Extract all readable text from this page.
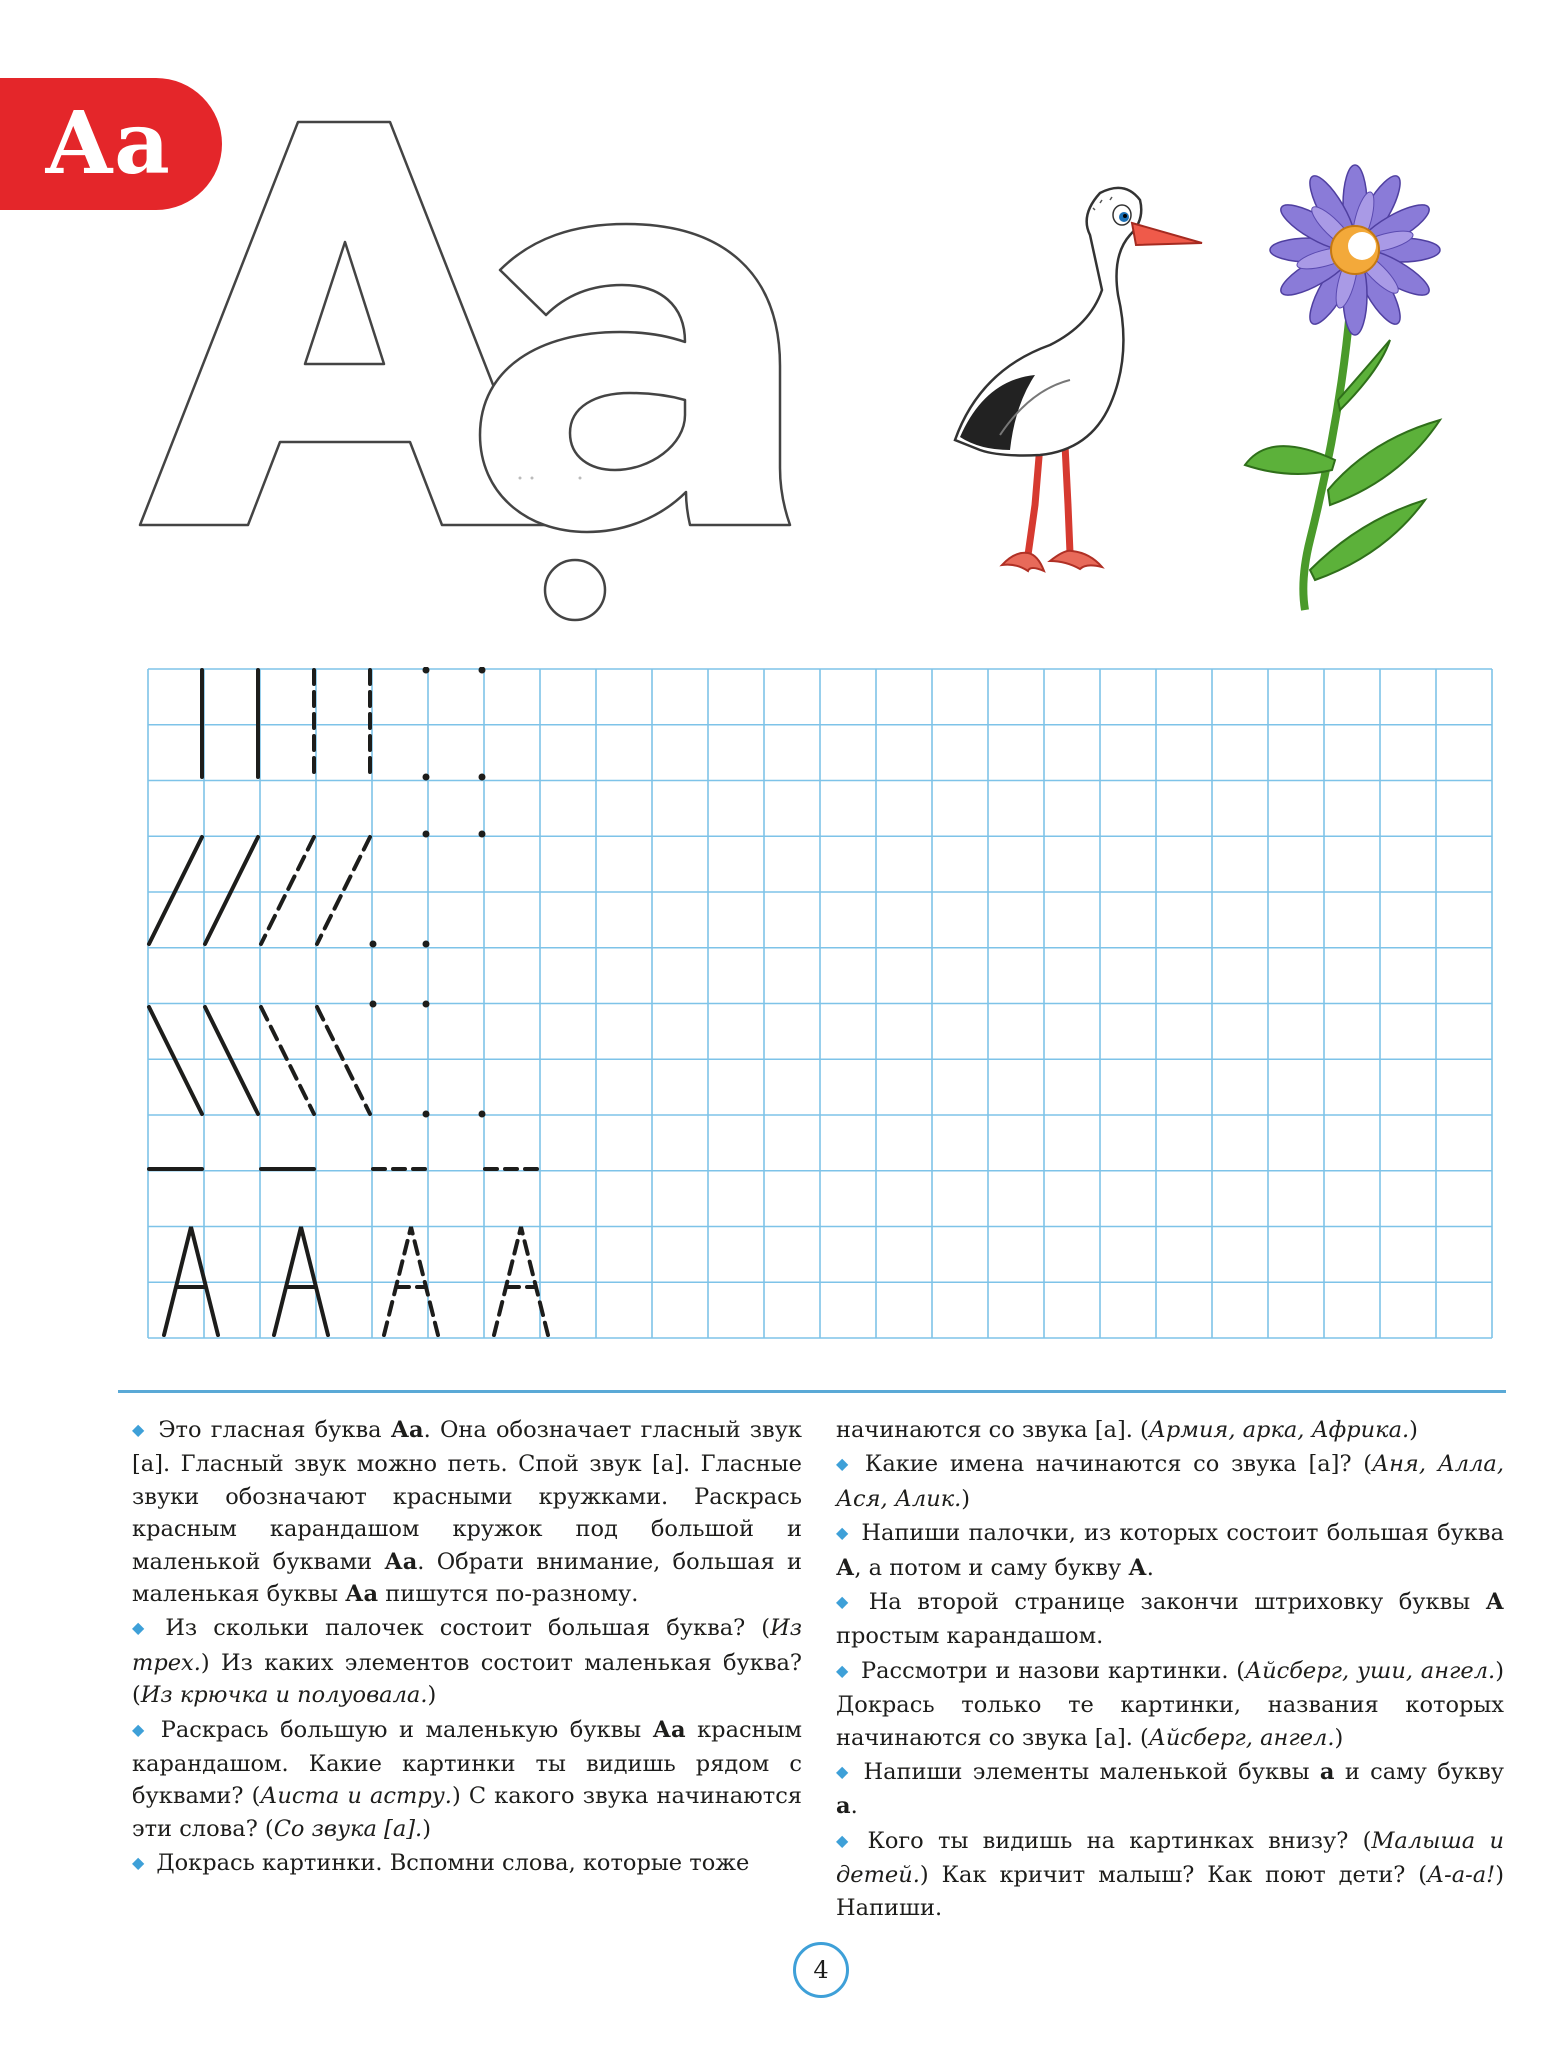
Аа

◆ Это гласная буква Аа. Она обозначает гласный звук [а]. Гласный звук можно петь. Спой звук [а]. Гласные звуки обозначают красными кружками. Раскрась красным карандашом кружок под большой и маленькой буквами Аа. Обрати внимание, большая и маленькая буквы Аа пишутся по-разному.

◆ Из скольки палочек состоит большая буква? (Из трех.) Из каких элементов состоит маленькая буква? (Из крючка и полуовала.)

◆ Раскрась большую и маленькую буквы Аа красным карандашом. Какие картинки ты видишь рядом с буквами? (Аиста и астру.) С какого звука начинаются эти слова? (Со звука [а].)

◆ Докрась картинки. Вспомни слова, которые тоже

начинаются со звука [а]. (Армия, арка, Африка.)

◆ Какие имена начинаются со звука [а]? (Аня, Алла, Ася, Алик.)

◆ Напиши палочки, из которых состоит большая буква А, а потом и саму букву А.

◆ На второй странице закончи штриховку буквы А простым карандашом.

◆ Рассмотри и назови картинки. (Айсберг, уши, ангел.) Докрась только те картинки, названия которых начинаются со звука [а]. (Айсберг, ангел.)

◆ Напиши элементы маленькой буквы а и саму букву а.

◆ Кого ты видишь на картинках внизу? (Малыша и детей.) Как кричит малыш? Как поют дети? (А-а-а!) Напиши.

4
